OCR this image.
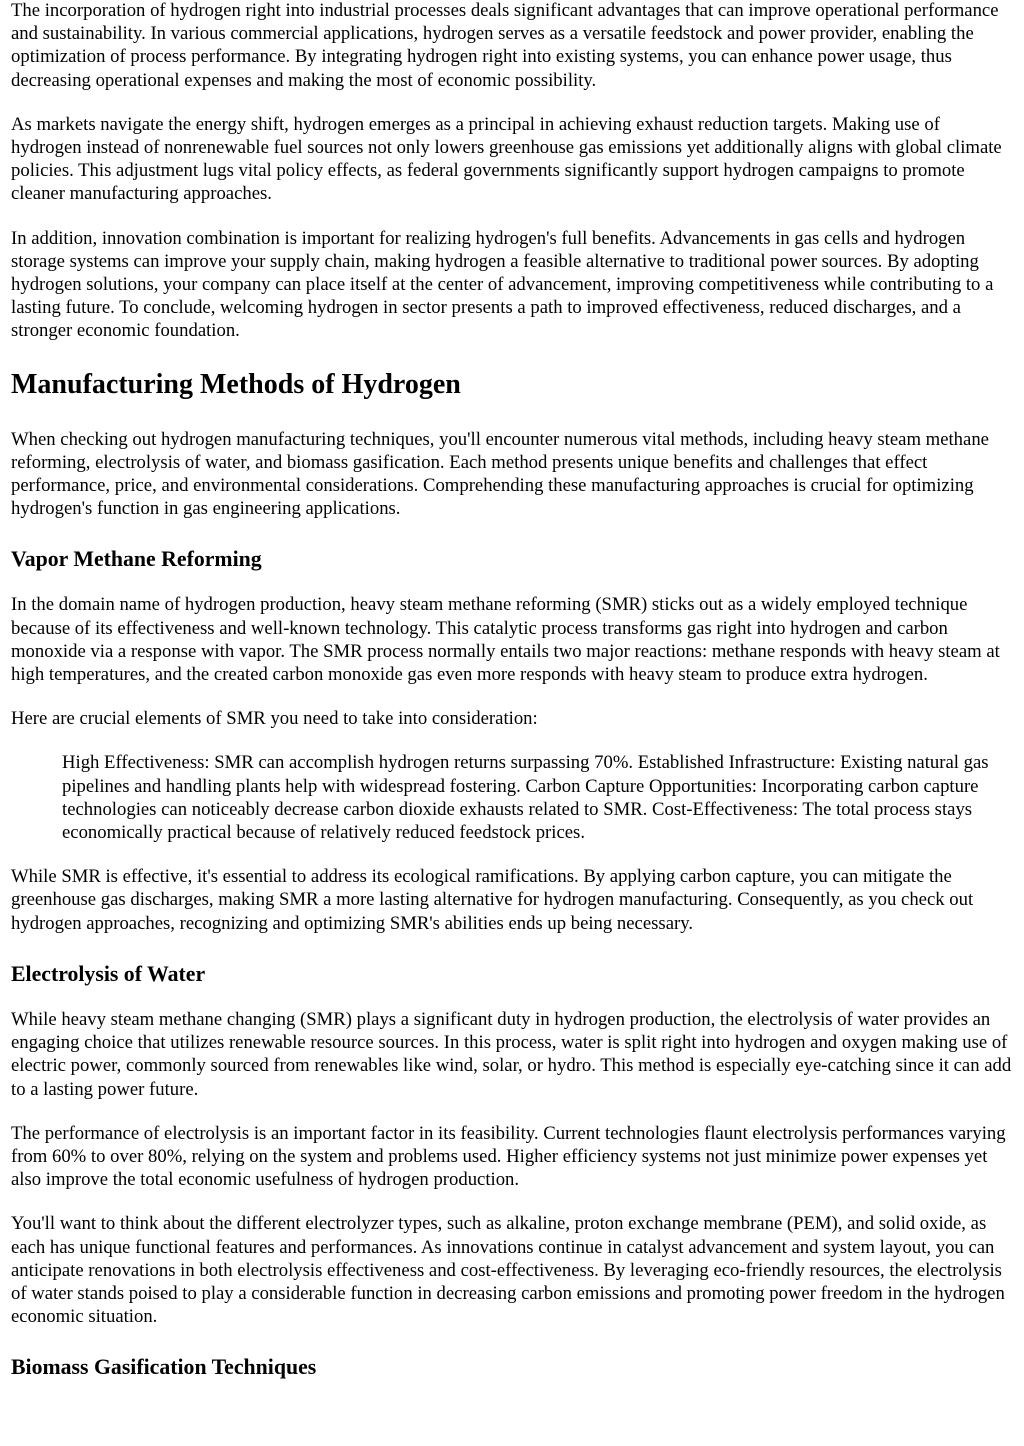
The incorporation of hydrogen right into industrial processes deals significant advantages that can improve operational performance and sustainability. In various commercial applications, hydrogen serves as a versatile feedstock and power provider, enabling the optimization of process performance. By integrating hydrogen right into existing systems, you can enhance power usage, thus decreasing operational expenses and making the most of economic possibility.

As markets navigate the energy shift, hydrogen emerges as a principal in achieving exhaust reduction targets. Making use of hydrogen instead of nonrenewable fuel sources not only lowers greenhouse gas emissions yet additionally aligns with global climate policies. This adjustment lugs vital policy effects, as federal governments significantly support hydrogen campaigns to promote cleaner manufacturing approaches.

In addition, innovation combination is important for realizing hydrogen's full benefits. Advancements in gas cells and hydrogen storage systems can improve your supply chain, making hydrogen a feasible alternative to traditional power sources. By adopting hydrogen solutions, your company can place itself at the center of advancement, improving competitiveness while contributing to a lasting future. To conclude, welcoming hydrogen in sector presents a path to improved effectiveness, reduced discharges, and a stronger economic foundation.

Manufacturing Methods of Hydrogen

When checking out hydrogen manufacturing techniques, you'll encounter numerous vital methods, including heavy steam methane reforming, electrolysis of water, and biomass gasification. Each method presents unique benefits and challenges that effect performance, price, and environmental considerations. Comprehending these manufacturing approaches is crucial for optimizing hydrogen's function in gas engineering applications.

Vapor Methane Reforming

In the domain name of hydrogen production, heavy steam methane reforming (SMR) sticks out as a widely employed technique because of its effectiveness and well-known technology. This catalytic process transforms gas right into hydrogen and carbon monoxide via a response with vapor. The SMR process normally entails two major reactions: methane responds with heavy steam at high temperatures, and the created carbon monoxide gas even more responds with heavy steam to produce extra hydrogen.

Here are crucial elements of SMR you need to take into consideration:

High Effectiveness: SMR can accomplish hydrogen returns surpassing 70%. Established Infrastructure: Existing natural gas pipelines and handling plants help with widespread fostering. Carbon Capture Opportunities: Incorporating carbon capture technologies can noticeably decrease carbon dioxide exhausts related to SMR. Cost-Effectiveness: The total process stays economically practical because of relatively reduced feedstock prices.

While SMR is effective, it's essential to address its ecological ramifications. By applying carbon capture, you can mitigate the greenhouse gas discharges, making SMR a more lasting alternative for hydrogen manufacturing. Consequently, as you check out hydrogen approaches, recognizing and optimizing SMR's abilities ends up being necessary.

Electrolysis of Water

While heavy steam methane changing (SMR) plays a significant duty in hydrogen production, the electrolysis of water provides an engaging choice that utilizes renewable resource sources. In this process, water is split right into hydrogen and oxygen making use of electric power, commonly sourced from renewables like wind, solar, or hydro. This method is especially eye-catching since it can add to a lasting power future.

The performance of electrolysis is an important factor in its feasibility. Current technologies flaunt electrolysis performances varying from 60% to over 80%, relying on the system and problems used. Higher efficiency systems not just minimize power expenses yet also improve the total economic usefulness of hydrogen production.

You'll want to think about the different electrolyzer types, such as alkaline, proton exchange membrane (PEM), and solid oxide, as each has unique functional features and performances. As innovations continue in catalyst advancement and system layout, you can anticipate renovations in both electrolysis effectiveness and cost-effectiveness. By leveraging eco-friendly resources, the electrolysis of water stands poised to play a considerable function in decreasing carbon emissions and promoting power freedom in the hydrogen economic situation.

Biomass Gasification Techniques
